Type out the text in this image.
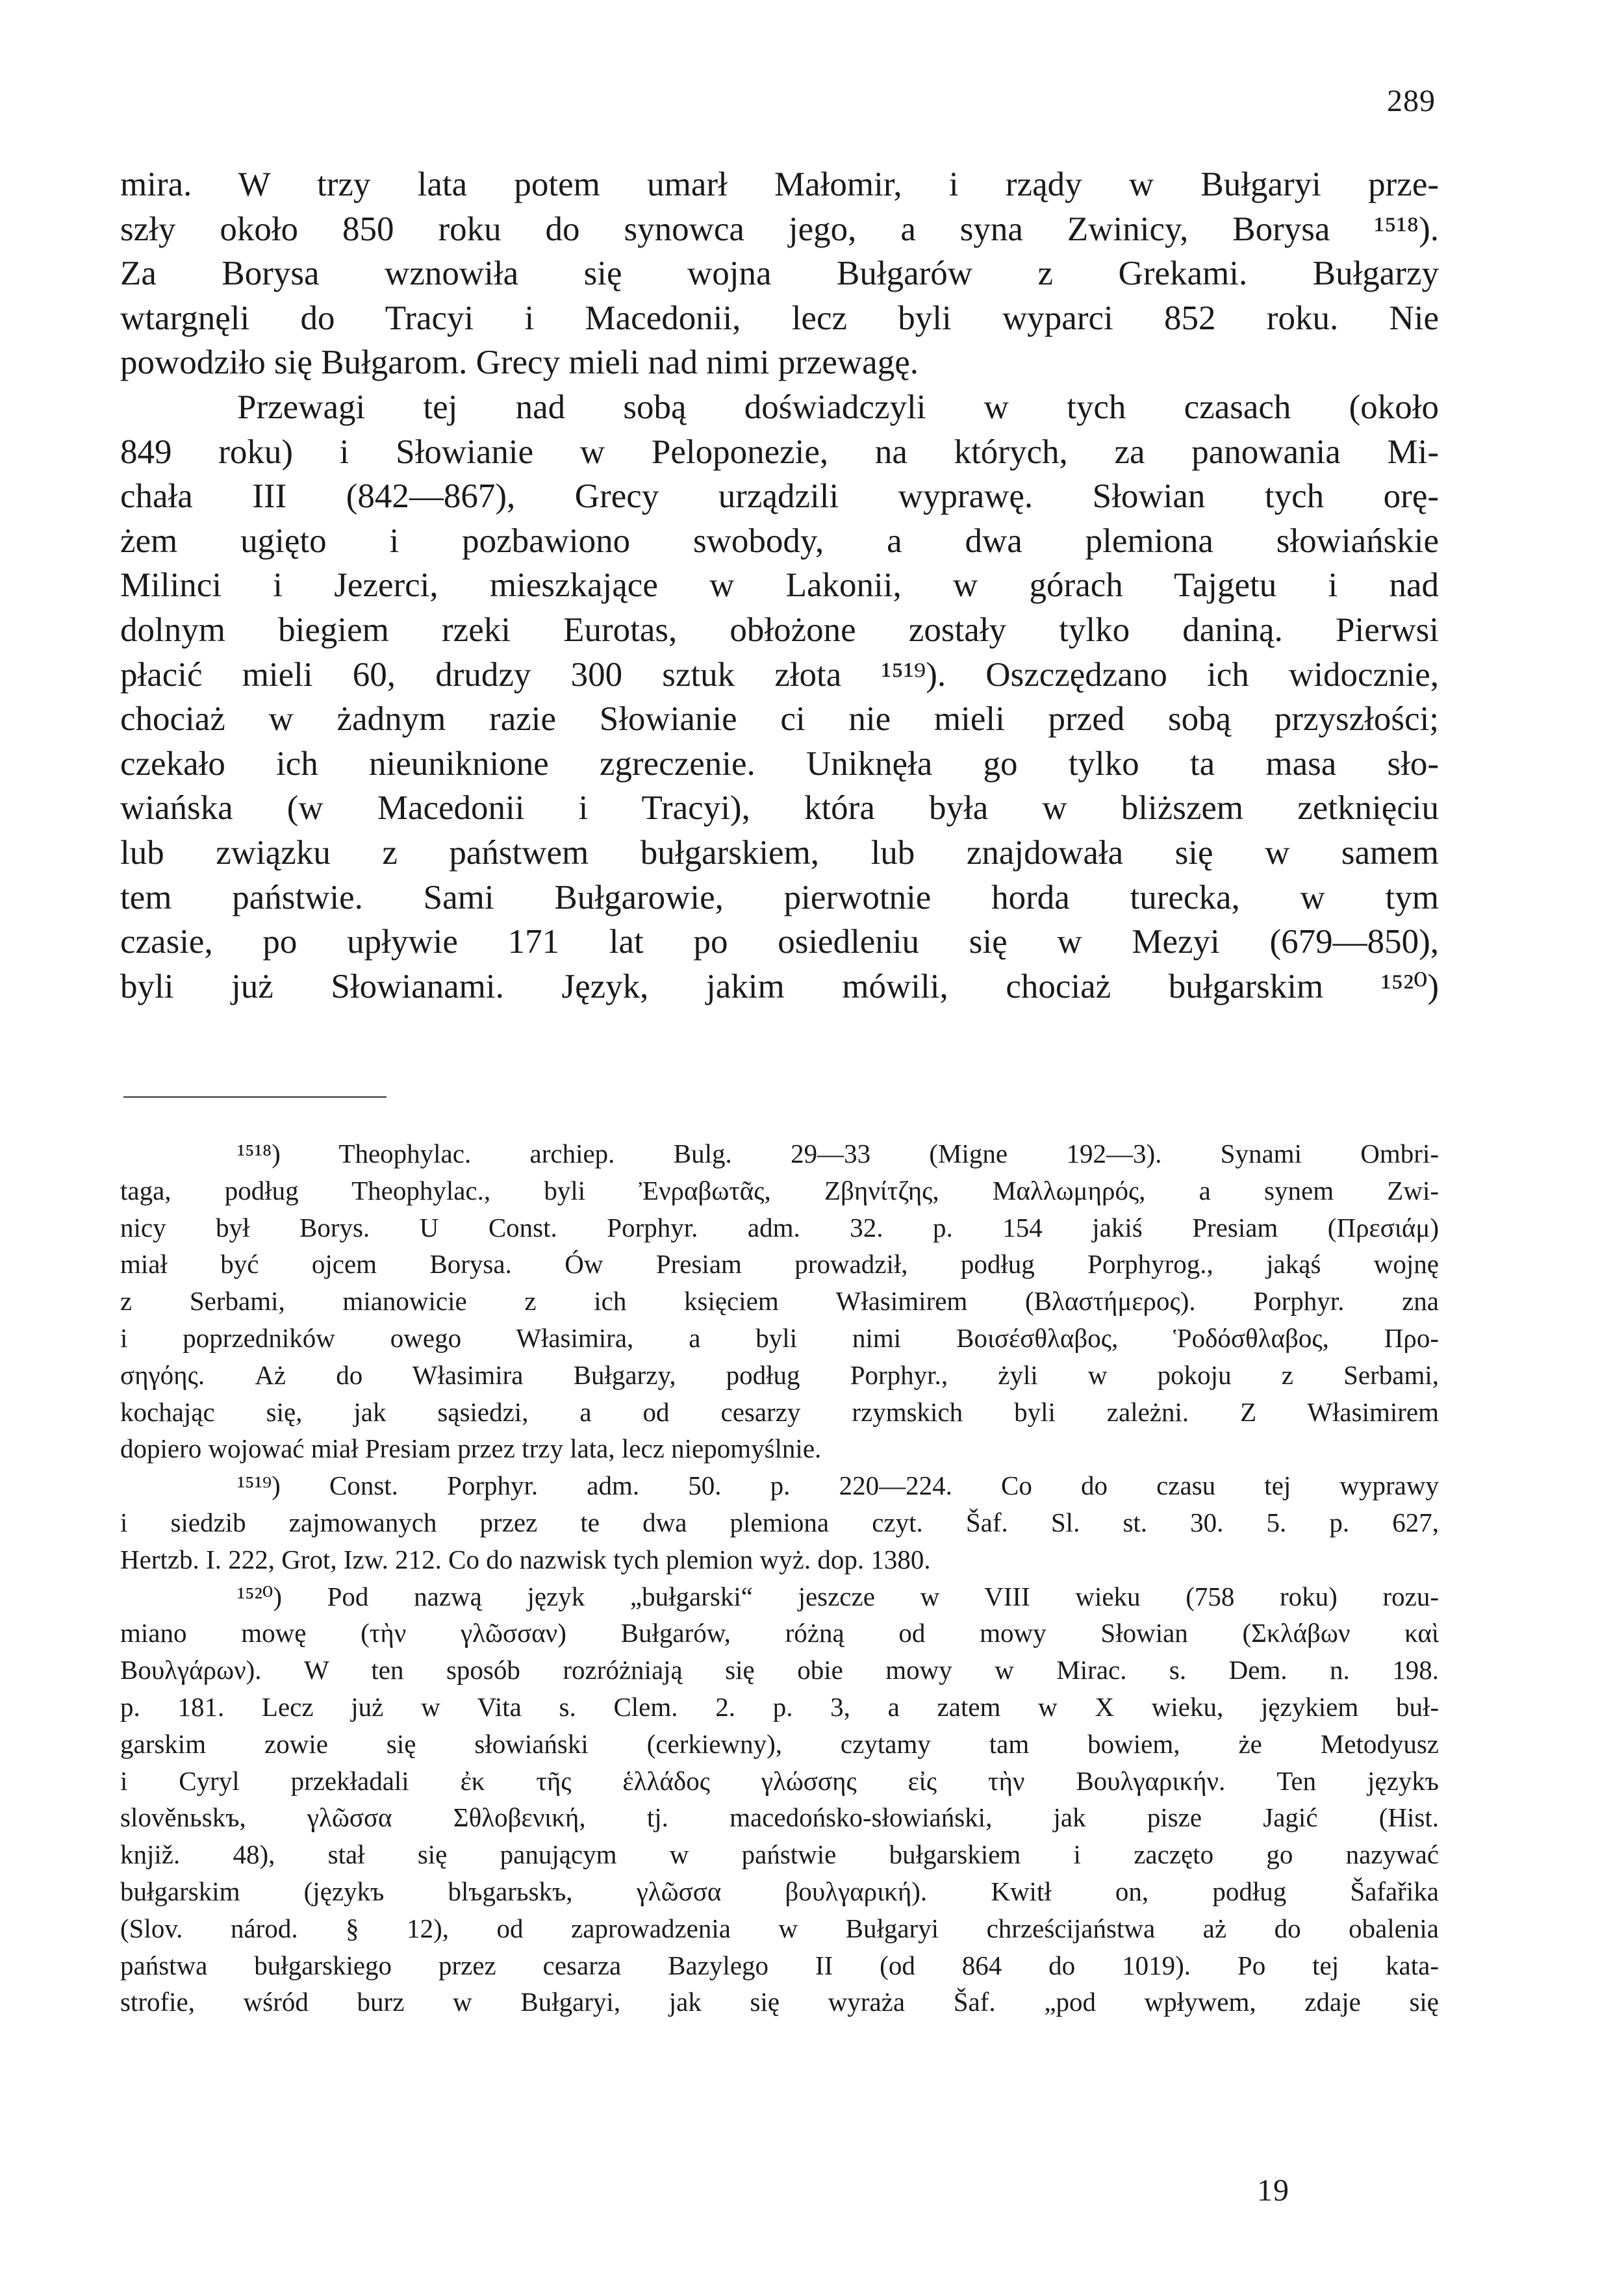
289
mira. W trzy lata potem umarł Małomir, i rządy w Bułgaryi prze-
szły około 850 roku do synowca jego, a syna Zwinicy, Borysa ¹⁵¹⁸).
Za Borysa wznowiła się wojna Bułgarów z Grekami. Bułgarzy
wtargnęli do Tracyi i Macedonii, lecz byli wyparci 852 roku. Nie
powodziło się Bułgarom. Grecy mieli nad nimi przewagę.
Przewagi tej nad sobą doświadczyli w tych czasach (około
849 roku) i Słowianie w Peloponezie, na których, za panowania Mi-
chała III (842—867), Grecy urządzili wyprawę. Słowian tych orę-
żem ugięto i pozbawiono swobody, a dwa plemiona słowiańskie
Milinci i Jezerci, mieszkające w Lakonii, w górach Tajgetu i nad
dolnym biegiem rzeki Eurotas, obłożone zostały tylko daniną. Pierwsi
płacić mieli 60, drudzy 300 sztuk złota ¹⁵¹⁹). Oszczędzano ich widocznie,
chociaż w żadnym razie Słowianie ci nie mieli przed sobą przyszłości;
czekało ich nieuniknione zgreczenie. Uniknęła go tylko ta masa sło-
wiańska (w Macedonii i Tracyi), która była w bliższem zetknięciu
lub związku z państwem bułgarskiem, lub znajdowała się w samem
tem państwie. Sami Bułgarowie, pierwotnie horda turecka, w tym
czasie, po upływie 171 lat po osiedleniu się w Mezyi (679—850),
byli już Słowianami. Język, jakim mówili, chociaż bułgarskim ¹⁵²⁰)
¹⁵¹⁸) Theophylac. archiep. Bulg. 29—33 (Migne 192—3). Synami Ombri-
taga, podług Theophylac., byli Ἐνραβωτᾶς, Ζβηνίτζης, Μαλλωμηρός, a synem Zwi-
nicy był Borys. U Const. Porphyr. adm. 32. p. 154 jakiś Presiam (Πρεσιάμ)
miał być ojcem Borysa. Ów Presiam prowadził, podług Porphyrog., jakąś wojnę
z Serbami, mianowicie z ich księciem Własimirem (Βλαστήμερος). Porphyr. zna
i poprzedników owego Własimira, a byli nimi Βοισέσθλαβος, Ῥοδόσθλαβος, Προ-
σηγόης. Aż do Własimira Bułgarzy, podług Porphyr., żyli w pokoju z Serbami,
kochając się, jak sąsiedzi, a od cesarzy rzymskich byli zależni. Z Własimirem
dopiero wojować miał Presiam przez trzy lata, lecz niepomyślnie.
¹⁵¹⁹) Const. Porphyr. adm. 50. p. 220—224. Co do czasu tej wyprawy
i siedzib zajmowanych przez te dwa plemiona czyt. Šaf. Sl. st. 30. 5. p. 627,
Hertzb. I. 222, Grot, Izw. 212. Co do nazwisk tych plemion wyż. dop. 1380.
¹⁵²⁰) Pod nazwą język „bułgarski“ jeszcze w VIII wieku (758 roku) rozu-
miano mowę (τὴν γλῶσσαν) Bułgarów, różną od mowy Słowian (Σκλάβων καὶ
Βουλγάρων). W ten sposób rozróżniają się obie mowy w Mirac. s. Dem. n. 198.
p. 181. Lecz już w Vita s. Clem. 2. p. 3, a zatem w X wieku, językiem buł-
garskim zowie się słowiański (cerkiewny), czytamy tam bowiem, że Metodyusz
i Cyryl przekładali ἐκ τῆς ἑλλάδος γλώσσης εἰς τὴν Βουλγαρικήν. Ten językъ
slověnьskъ, γλῶσσα Σθλοβενική, tj. macedońsko-słowiański, jak pisze Jagić (Hist.
knjiž. 48), stał się panującym w państwie bułgarskiem i zaczęto go nazywać
bułgarskim (językъ blъgarьskъ, γλῶσσα βουλγαρική). Kwitł on, podług Šafařika
(Slov. národ. § 12), od zaprowadzenia w Bułgaryi chrześcijaństwa aż do obalenia
państwa bułgarskiego przez cesarza Bazylego II (od 864 do 1019). Po tej kata-
strofie, wśród burz w Bułgaryi, jak się wyraża Šaf. „pod wpływem, zdaje się
19
